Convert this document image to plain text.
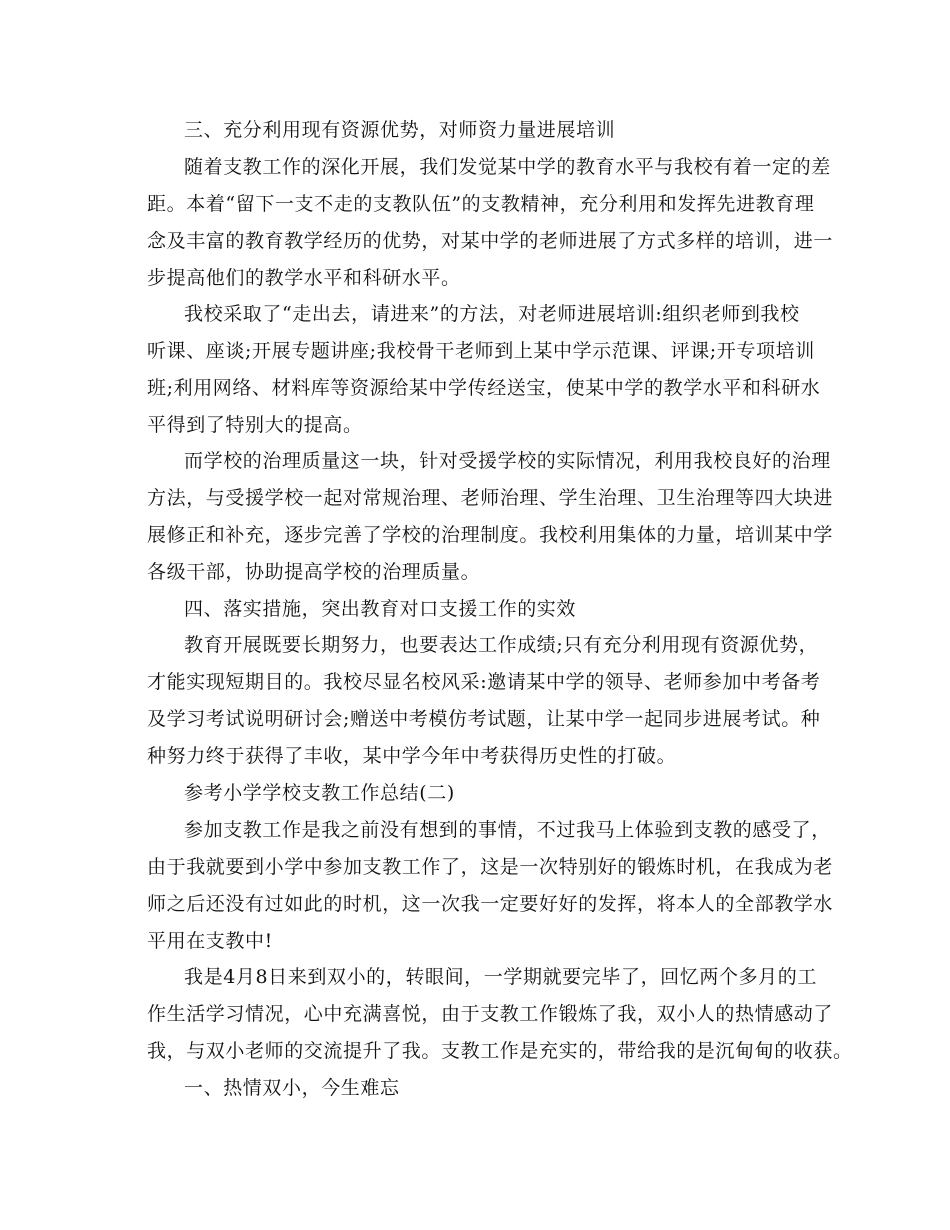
三、充分利用现有资源优势，对师资力量进展培训
随着支教工作的深化开展，我们发觉某中学的教育水平与我校有着一定的差
距。本着“留下一支不走的支教队伍”的支教精神，充分利用和发挥先进教育理
念及丰富的教育教学经历的优势，对某中学的老师进展了方式多样的培训，进一
步提高他们的教学水平和科研水平。
我校采取了“走出去，请进来”的方法，对老师进展培训:组织老师到我校
听课、座谈;开展专题讲座;我校骨干老师到上某中学示范课、评课;开专项培训
班;利用网络、材料库等资源给某中学传经送宝，使某中学的教学水平和科研水
平得到了特别大的提高。
而学校的治理质量这一块，针对受援学校的实际情况，利用我校良好的治理
方法，与受援学校一起对常规治理、老师治理、学生治理、卫生治理等四大块进
展修正和补充，逐步完善了学校的治理制度。我校利用集体的力量，培训某中学
各级干部，协助提高学校的治理质量。
四、落实措施，突出教育对口支援工作的实效
教育开展既要长期努力，也要表达工作成绩;只有充分利用现有资源优势，
才能实现短期目的。我校尽显名校风采:邀请某中学的领导、老师参加中考备考
及学习考试说明研讨会;赠送中考模仿考试题，让某中学一起同步进展考试。种
种努力终于获得了丰收，某中学今年中考获得历史性的打破。
参考小学学校支教工作总结(二)
参加支教工作是我之前没有想到的事情，不过我马上体验到支教的感受了，
由于我就要到小学中参加支教工作了，这是一次特别好的锻炼时机，在我成为老
师之后还没有过如此的时机，这一次我一定要好好的发挥，将本人的全部教学水
平用在支教中!
我是4月8日来到双小的，转眼间，一学期就要完毕了，回忆两个多月的工
作生活学习情况，心中充满喜悦，由于支教工作锻炼了我，双小人的热情感动了
我，与双小老师的交流提升了我。支教工作是充实的，带给我的是沉甸甸的收获。
一、热情双小，今生难忘
